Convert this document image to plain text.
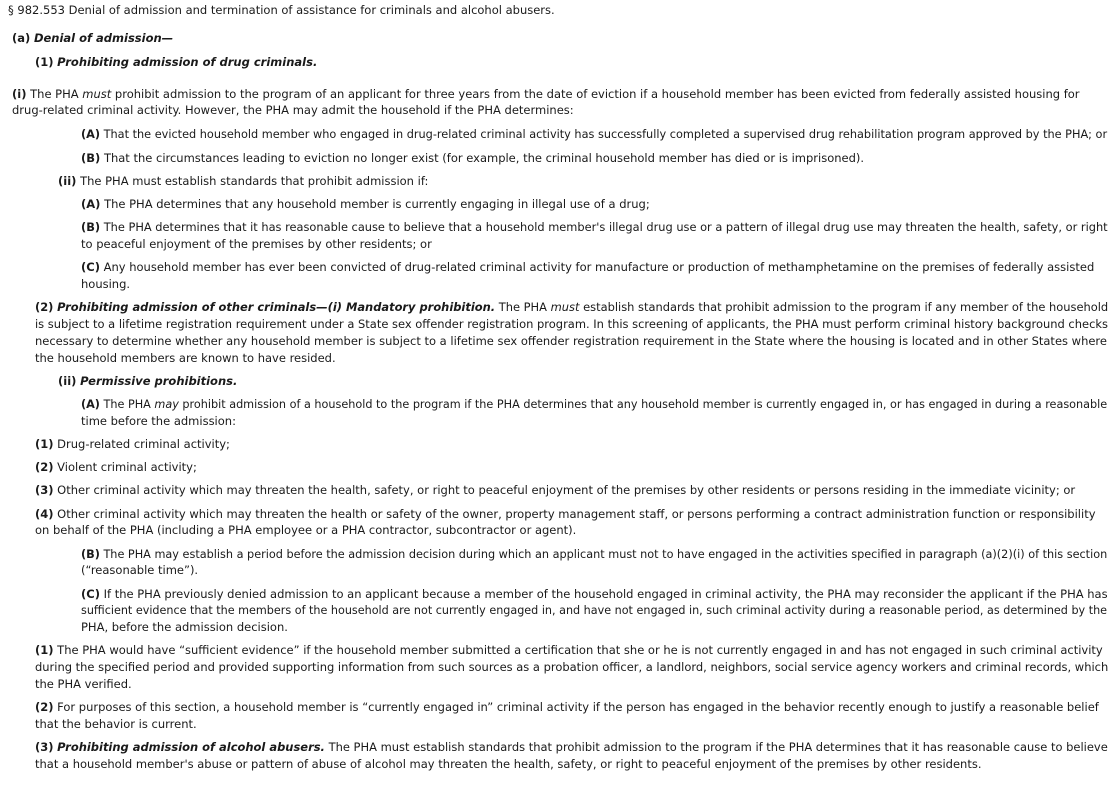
§ 982.553 Denial of admission and termination of assistance for criminals and alcohol abusers.

(a) Denial of admission—

(1) Prohibiting admission of drug criminals.

(i) The PHA must prohibit admission to the program of an applicant for three years from the date of eviction if a household member has been evicted from federally assisted housing for

drug-related criminal activity. However, the PHA may admit the household if the PHA determines:

(A) That the evicted household member who engaged in drug-related criminal activity has successfully completed a supervised drug rehabilitation program approved by the PHA; or

(B) That the circumstances leading to eviction no longer exist (for example, the criminal household member has died or is imprisoned).

(ii) The PHA must establish standards that prohibit admission if:

(A) The PHA determines that any household member is currently engaging in illegal use of a drug;

(B) The PHA determines that it has reasonable cause to believe that a household member's illegal drug use or a pattern of illegal drug use may threaten the health, safety, or right

to peaceful enjoyment of the premises by other residents; or

(C) Any household member has ever been convicted of drug-related criminal activity for manufacture or production of methamphetamine on the premises of federally assisted

housing.

(2) Prohibiting admission of other criminals—(i) Mandatory prohibition. The PHA must establish standards that prohibit admission to the program if any member of the household

is subject to a lifetime registration requirement under a State sex offender registration program. In this screening of applicants, the PHA must perform criminal history background checks

necessary to determine whether any household member is subject to a lifetime sex offender registration requirement in the State where the housing is located and in other States where

the household members are known to have resided.

(ii) Permissive prohibitions.

(A) The PHA may prohibit admission of a household to the program if the PHA determines that any household member is currently engaged in, or has engaged in during a reasonable

time before the admission:

(1) Drug-related criminal activity;

(2) Violent criminal activity;

(3) Other criminal activity which may threaten the health, safety, or right to peaceful enjoyment of the premises by other residents or persons residing in the immediate vicinity; or

(4) Other criminal activity which may threaten the health or safety of the owner, property management staff, or persons performing a contract administration function or responsibility

on behalf of the PHA (including a PHA employee or a PHA contractor, subcontractor or agent).

(B) The PHA may establish a period before the admission decision during which an applicant must not to have engaged in the activities specified in paragraph (a)(2)(i) of this section

(“reasonable time”).

(C) If the PHA previously denied admission to an applicant because a member of the household engaged in criminal activity, the PHA may reconsider the applicant if the PHA has

sufficient evidence that the members of the household are not currently engaged in, and have not engaged in, such criminal activity during a reasonable period, as determined by the

PHA, before the admission decision.

(1) The PHA would have “sufficient evidence” if the household member submitted a certification that she or he is not currently engaged in and has not engaged in such criminal activity

during the specified period and provided supporting information from such sources as a probation officer, a landlord, neighbors, social service agency workers and criminal records, which

the PHA verified.

(2) For purposes of this section, a household member is “currently engaged in” criminal activity if the person has engaged in the behavior recently enough to justify a reasonable belief

that the behavior is current.

(3) Prohibiting admission of alcohol abusers. The PHA must establish standards that prohibit admission to the program if the PHA determines that it has reasonable cause to believe

that a household member's abuse or pattern of abuse of alcohol may threaten the health, safety, or right to peaceful enjoyment of the premises by other residents.
